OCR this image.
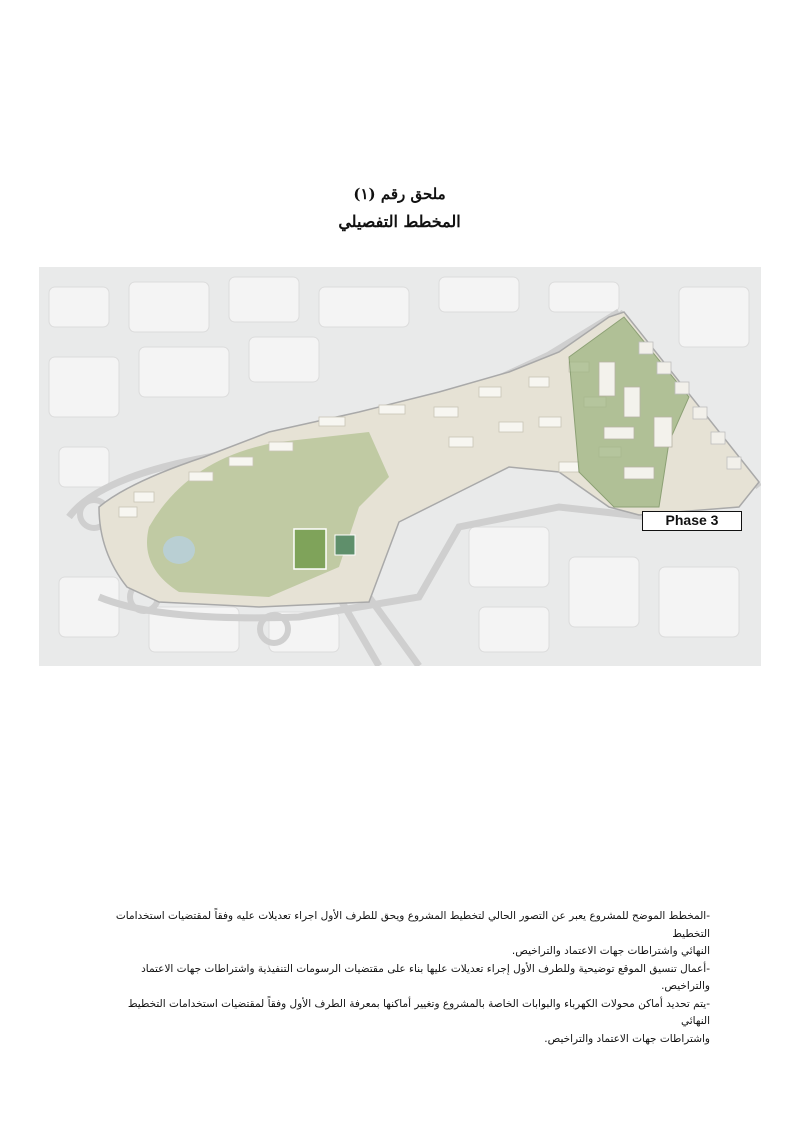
ملحق رقم (١)
المخطط التفصيلي
Phase 3

-المخطط الموضح للمشروع يعبر عن التصور الحالي لتخطيط المشروع ويحق للطرف الأول اجراء تعديلات عليه وفقاً لمقتضيات استخدامات التخطيط

النهائي واشتراطات جهات الاعتماد والتراخيص.

-أعمال تنسيق الموقع توضيحية وللطرف الأول إجراء تعديلات عليها بناء على مقتضيات الرسومات التنفيذية واشتراطات جهات الاعتماد والتراخيص.

-يتم تحديد أماكن محولات الكهرباء والبوابات الخاصة بالمشروع وتغيير أماكنها بمعرفة الطرف الأول وفقاً لمقتضيات استخدامات التخطيط النهائي

واشتراطات جهات الاعتماد والتراخيص.
